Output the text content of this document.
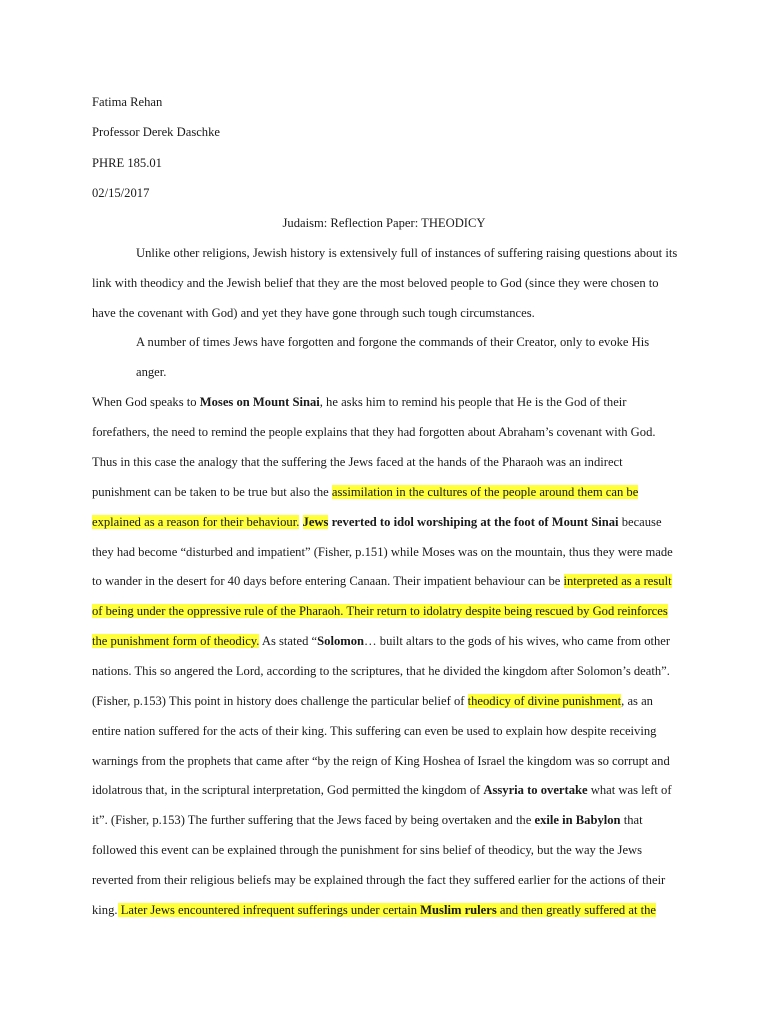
Fatima Rehan

Professor Derek Daschke

PHRE 185.01

02/15/2017

Judaism: Reflection Paper: THEODICY

Unlike other religions, Jewish history is extensively full of instances of suffering raising questions about its

link with theodicy and the Jewish belief that they are the most beloved people to God (since they were chosen to

have the covenant with God) and yet they have gone through such tough circumstances.

A number of times Jews have forgotten and forgone the commands of their Creator, only to evoke His

anger.

When God speaks to Moses on Mount Sinai, he asks him to remind his people that He is the God of their

forefathers, the need to remind the people explains that they had forgotten about Abraham’s covenant with God.

Thus in this case the analogy that the suffering the Jews faced at the hands of the Pharaoh was an indirect

punishment can be taken to be true but also the assimilation in the cultures of the people around them can be

explained as a reason for their behaviour. Jews reverted to idol worshiping at the foot of Mount Sinai because

they had become “disturbed and impatient” (Fisher, p.151) while Moses was on the mountain, thus they were made

to wander in the desert for 40 days before entering Canaan. Their impatient behaviour can be interpreted as a result

of being under the oppressive rule of the Pharaoh. Their return to idolatry despite being rescued by God reinforces

the punishment form of theodicy. As stated “Solomon… built altars to the gods of his wives, who came from other

nations. This so angered the Lord, according to the scriptures, that he divided the kingdom after Solomon’s death”.

(Fisher, p.153) This point in history does challenge the particular belief of theodicy of divine punishment, as an

entire nation suffered for the acts of their king. This suffering can even be used to explain how despite receiving

warnings from the prophets that came after “by the reign of King Hoshea of Israel the kingdom was so corrupt and

idolatrous that, in the scriptural interpretation, God permitted the kingdom of Assyria to overtake what was left of

it”. (Fisher, p.153) The further suffering that the Jews faced by being overtaken and the exile in Babylon that

followed this event can be explained through the punishment for sins belief of theodicy, but the way the Jews

reverted from their religious beliefs may be explained through the fact they suffered earlier for the actions of their

king. Later Jews encountered infrequent sufferings under certain Muslim rulers and then greatly suffered at the
